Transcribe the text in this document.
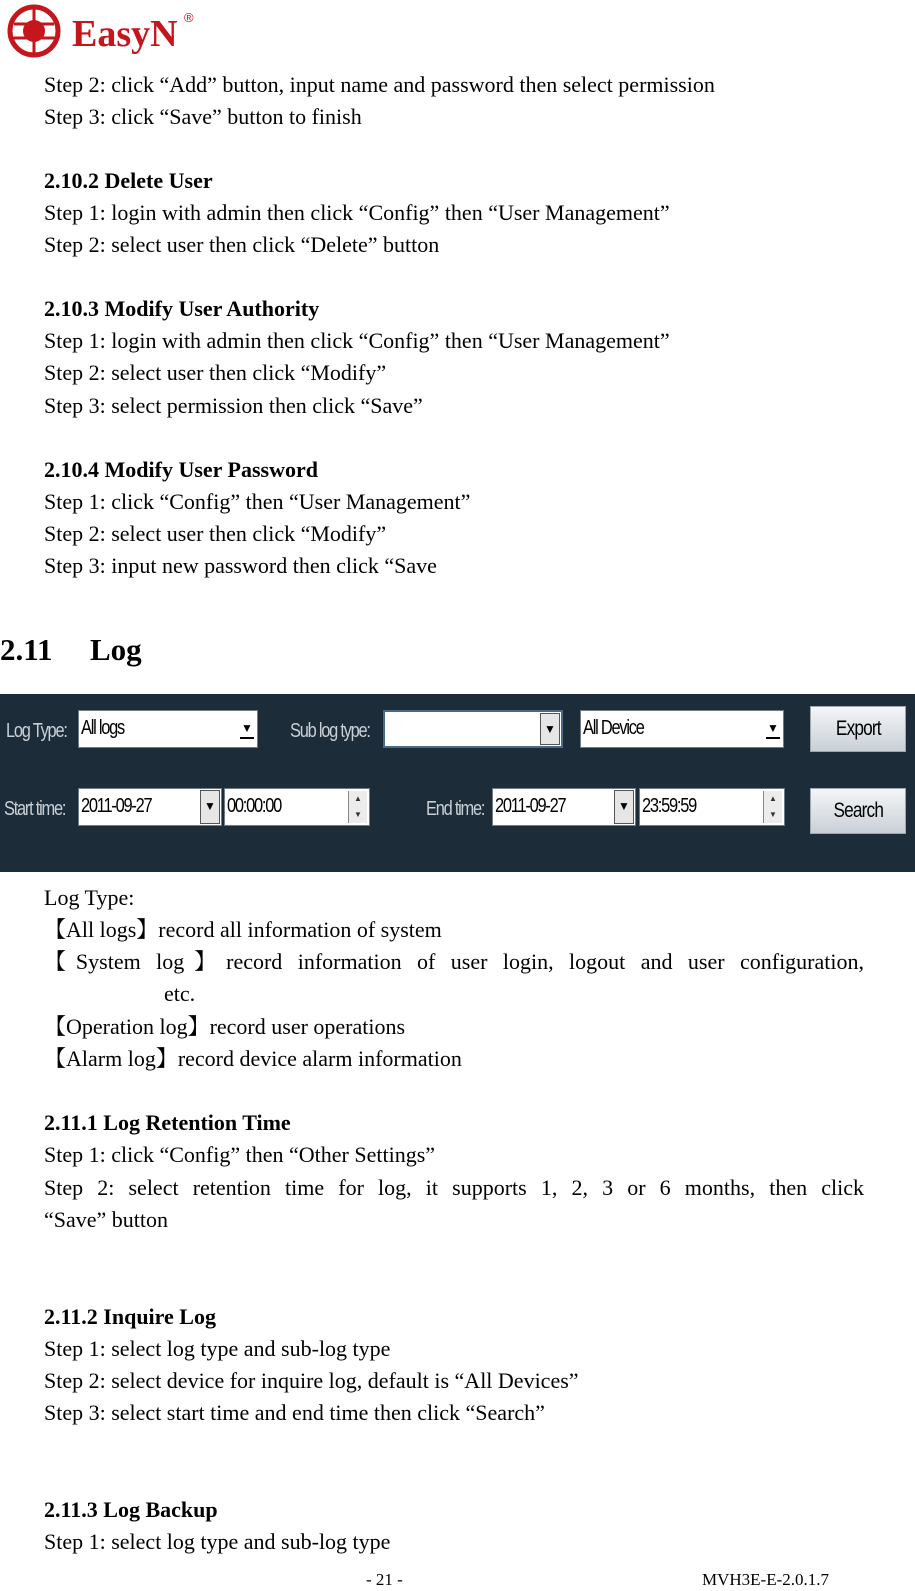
EasyN ®
Step 2: click “Add” button, input name and password then select permission
Step 3: click “Save” button to finish
2.10.2 Delete User
Step 1: login with admin then click “Config” then “User Management”
Step 2: select user then click “Delete” button
2.10.3 Modify User Authority
Step 1: login with admin then click “Config” then “User Management”
Step 2: select user then click “Modify”
Step 3: select permission then click “Save”
2.10.4 Modify User Password
Step 1: click “Config” then “User Management”
Step 2: select user then click “Modify”
Step 3: input new password then click “Save
2.11 Log
Log Type: All logs	▼ Sub log type:	▼ All Device	▼	Export
Start time: 2011-09-27	▼ 00:00:00	▲
▼	End time: 2011-09-27	▼ 23:59:59	▲
▼	Search
Log Type:
【All logs】record all information of system
【System log】record information of user login, logout and user configuration,
etc.
【Operation log】record user operations
【Alarm log】record device alarm information
2.11.1 Log Retention Time
Step 1: click “Config” then “Other Settings”
Step 2: select retention time for log, it supports 1, 2, 3 or 6 months, then click
“Save” button
2.11.2 Inquire Log
Step 1: select log type and sub-log type
Step 2: select device for inquire log, default is “All Devices”
Step 3: select start time and end time then click “Search”
2.11.3 Log Backup
Step 1: select log type and sub-log type
- 21 -	MVH3E-E-2.0.1.7
